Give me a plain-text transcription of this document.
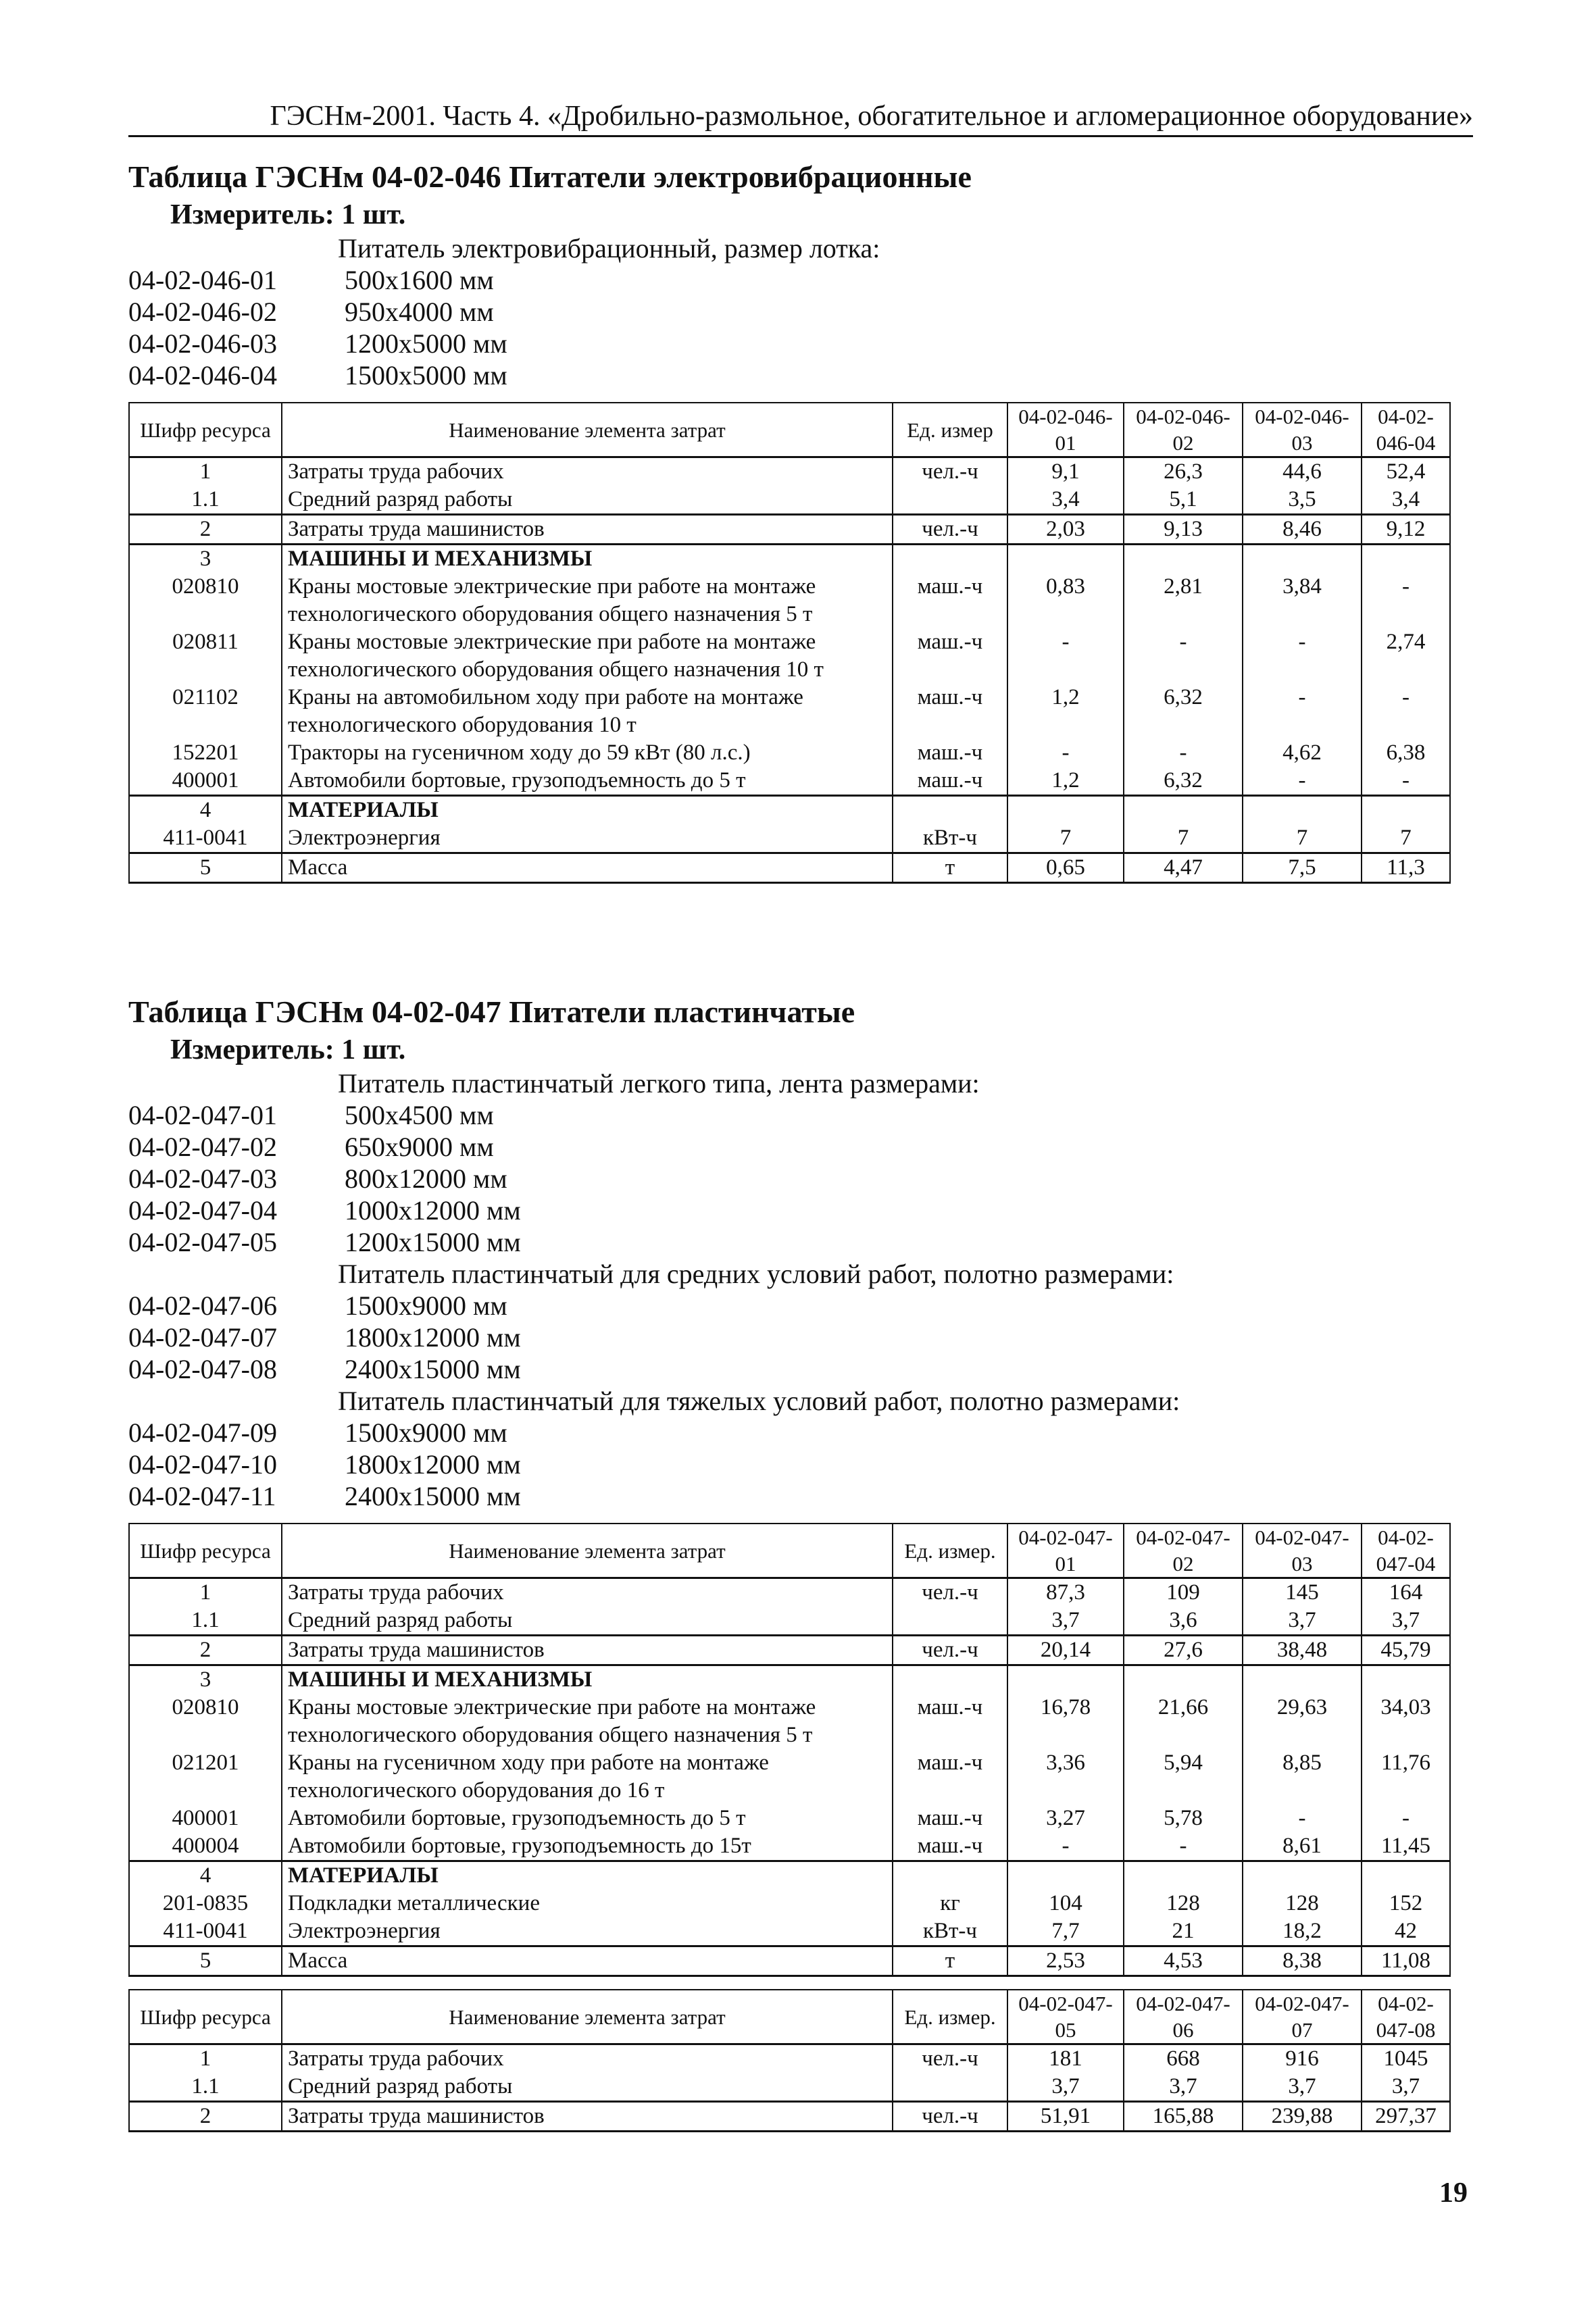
ГЭСНм-2001. Часть 4. «Дробильно-размольное, обогатительное и агломерационное оборудование»
Таблица ГЭСНм 04-02-046 Питатели электровибрационные
Измеритель: 1 шт.
Питатель электровибрационный, размер лотка:
04-02-046-01	500x1600 мм
04-02-046-02	950x4000 мм
04-02-046-03	1200x5000 мм
04-02-046-04	1500x5000 мм
Шифр ресурса	Наименование элемента затрат	Ед. измер	04-02-046-01	04-02-046-02	04-02-046-03	04-02-046-04
1	Затраты труда рабочих	чел.-ч	9,1	26,3	44,6	52,4
1.1	Средний разряд работы		3,4	5,1	3,5	3,4
2	Затраты труда машинистов	чел.-ч	2,03	9,13	8,46	9,12
3	МАШИНЫ И МЕХАНИЗМЫ					
020810	Краны мостовые электрические при работе на монтаже технологического оборудования общего назначения 5 т	маш.-ч	0,83	2,81	3,84	-
020811	Краны мостовые электрические при работе на монтаже технологического оборудования общего назначения 10 т	маш.-ч	-	-	-	2,74
021102	Краны на автомобильном ходу при работе на монтаже технологического оборудования 10 т	маш.-ч	1,2	6,32	-	-
152201	Тракторы на гусеничном ходу до 59 кВт (80 л.с.)	маш.-ч	-	-	4,62	6,38
400001	Автомобили бортовые, грузоподъемность до 5 т	маш.-ч	1,2	6,32	-	-
4	МАТЕРИАЛЫ					
411-0041	Электроэнергия	кВт-ч	7	7	7	7
5	Масса	т	0,65	4,47	7,5	11,3
Таблица ГЭСНм 04-02-047 Питатели пластинчатые
Измеритель: 1 шт.
Питатель пластинчатый легкого типа, лента размерами:
04-02-047-01	500x4500 мм
04-02-047-02	650x9000 мм
04-02-047-03	800x12000 мм
04-02-047-04	1000x12000 мм
04-02-047-05	1200x15000 мм
Питатель пластинчатый для средних условий работ, полотно размерами:
04-02-047-06	1500x9000 мм
04-02-047-07	1800x12000 мм
04-02-047-08	2400x15000 мм
Питатель пластинчатый для тяжелых условий работ, полотно размерами:
04-02-047-09	1500x9000 мм
04-02-047-10	1800x12000 мм
04-02-047-11	2400x15000 мм
Шифр ресурса	Наименование элемента затрат	Ед. измер.	04-02-047-01	04-02-047-02	04-02-047-03	04-02-047-04
1	Затраты труда рабочих	чел.-ч	87,3	109	145	164
1.1	Средний разряд работы		3,7	3,6	3,7	3,7
2	Затраты труда машинистов	чел.-ч	20,14	27,6	38,48	45,79
3	МАШИНЫ И МЕХАНИЗМЫ					
020810	Краны мостовые электрические при работе на монтаже технологического оборудования общего назначения 5 т	маш.-ч	16,78	21,66	29,63	34,03
021201	Краны на гусеничном ходу при работе на монтаже технологического оборудования до 16 т	маш.-ч	3,36	5,94	8,85	11,76
400001	Автомобили бортовые, грузоподъемность до 5 т	маш.-ч	3,27	5,78	-	-
400004	Автомобили бортовые, грузоподъемность до 15т	маш.-ч	-	-	8,61	11,45
4	МАТЕРИАЛЫ					
201-0835	Подкладки металлические	кг	104	128	128	152
411-0041	Электроэнергия	кВт-ч	7,7	21	18,2	42
5	Масса	т	2,53	4,53	8,38	11,08
Шифр ресурса	Наименование элемента затрат	Ед. измер.	04-02-047-05	04-02-047-06	04-02-047-07	04-02-047-08
1	Затраты труда рабочих	чел.-ч	181	668	916	1045
1.1	Средний разряд работы		3,7	3,7	3,7	3,7
2	Затраты труда машинистов	чел.-ч	51,91	165,88	239,88	297,37
19
